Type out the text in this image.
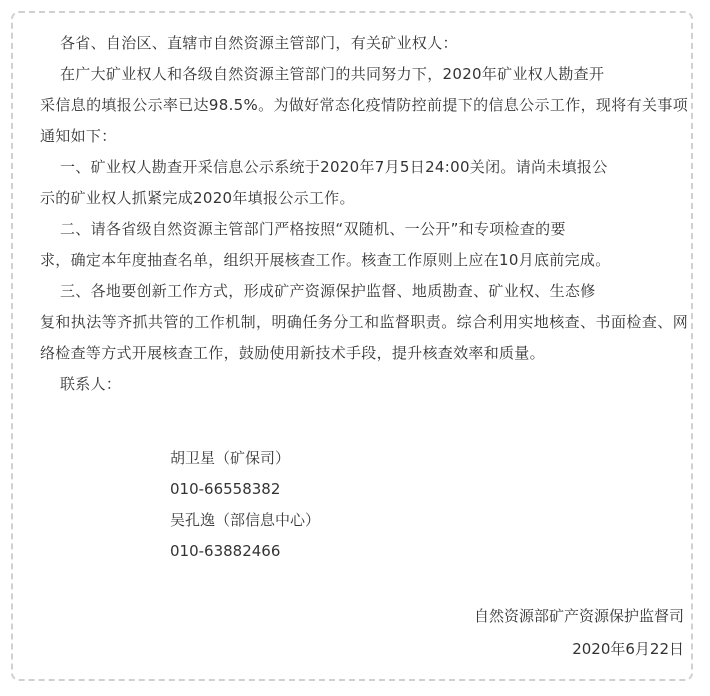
各省、自治区、直辖市自然资源主管部门，有关矿业权人：

在广大矿业权人和各级自然资源主管部门的共同努力下，2020年矿业权人勘查开

采信息的填报公示率已达98.5%。为做好常态化疫情防控前提下的信息公示工作，现将有关事项通知如下：

一、矿业权人勘查开采信息公示系统于2020年7月5日24:00关闭。请尚未填报公

示的矿业权人抓紧完成2020年填报公示工作。

二、请各省级自然资源主管部门严格按照“双随机、一公开”和专项检查的要

求，确定本年度抽查名单，组织开展核查工作。核查工作原则上应在10月底前完成。

三、各地要创新工作方式，形成矿产资源保护监督、地质勘查、矿业权、生态修

复和执法等齐抓共管的工作机制，明确任务分工和监督职责。综合利用实地核查、书面检查、网络检查等方式开展核查工作，鼓励使用新技术手段，提升核查效率和质量。

联系人：

胡卫星（矿保司）
010-66558382
吴孔逸（部信息中心）
010-63882466
自然资源部矿产资源保护监督司
2020年6月22日
